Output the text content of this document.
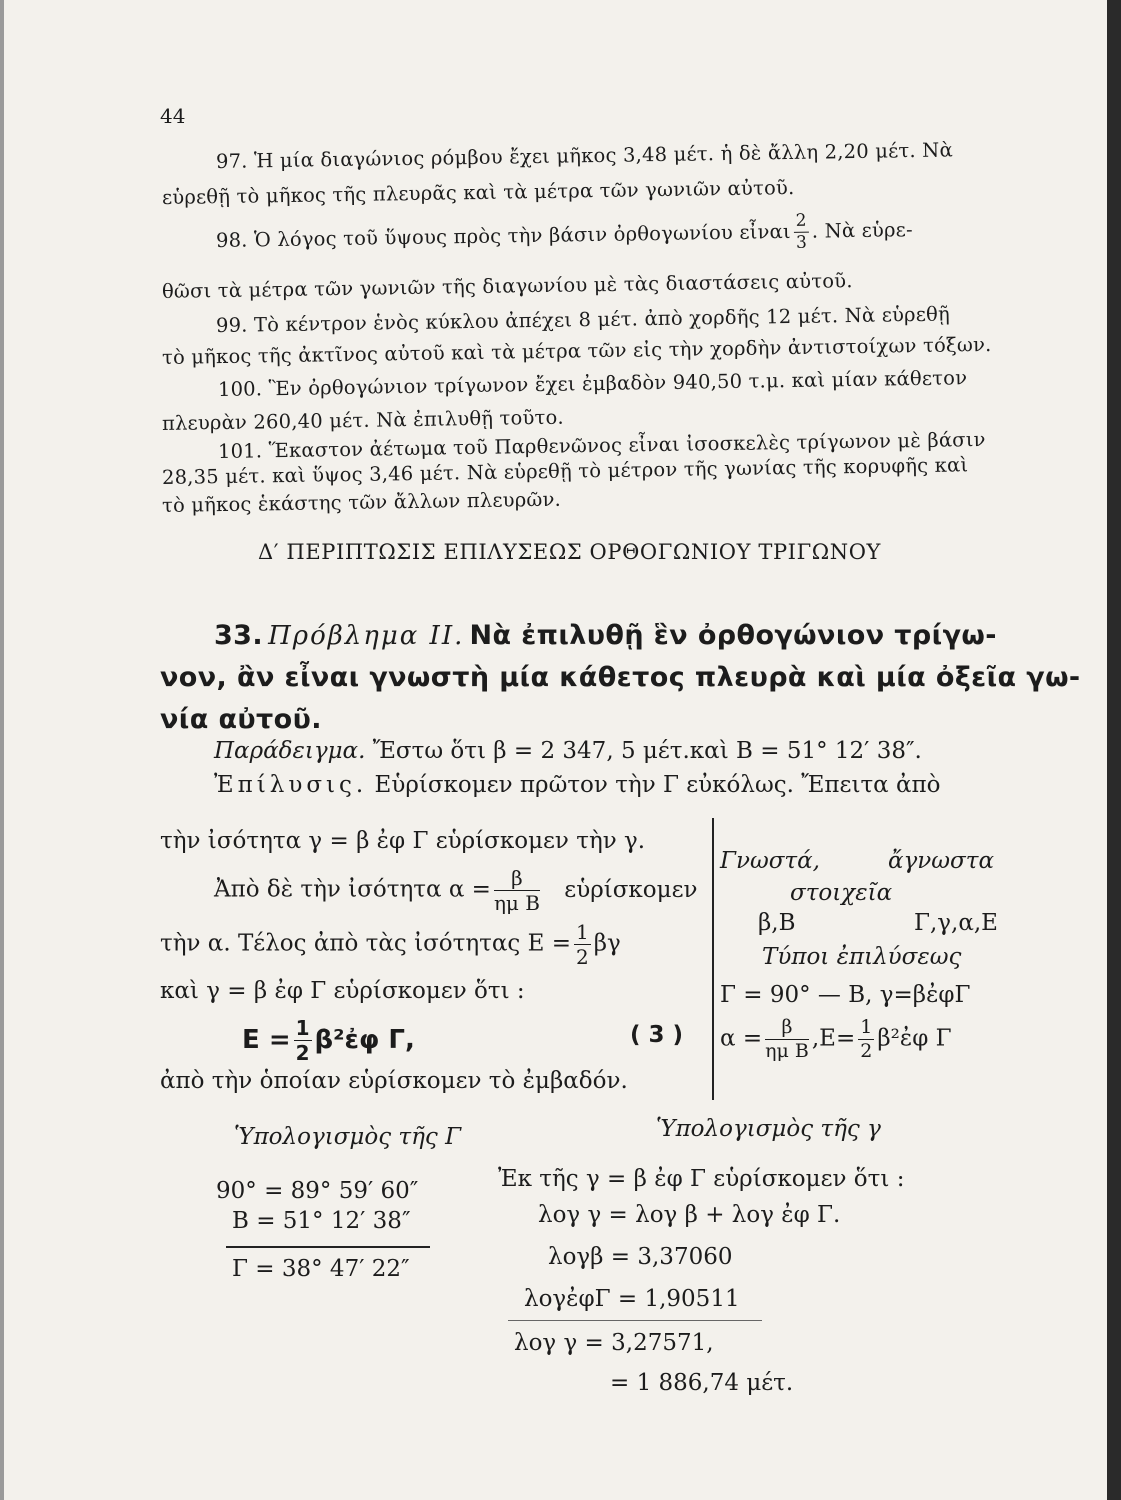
44
97. Ἡ μία διαγώνιος ρόμβου ἔχει μῆκος 3,48 μέτ. ἡ δὲ ἄλλη 2,20 μέτ. Νὰ
εὑρεθῇ τὸ μῆκος τῆς πλευρᾶς καὶ τὰ μέτρα τῶν γωνιῶν αὐτοῦ.
98. Ὁ λόγος τοῦ ὕψους πρὸς τὴν βάσιν ὀρθογωνίου εἶναι $\frac{2}{3}$ . Νὰ εὑρε-
θῶσι τὰ μέτρα τῶν γωνιῶν τῆς διαγωνίου μὲ τὰς διαστάσεις αὐτοῦ.
99. Τὸ κέντρον ἑνὸς κύκλου ἀπέχει 8 μέτ. ἀπὸ χορδῆς 12 μέτ. Νὰ εὑρεθῇ
τὸ μῆκος τῆς ἀκτῖνος αὐτοῦ καὶ τὰ μέτρα τῶν εἰς τὴν χορδὴν ἀντιστοίχων τόξων.
100. Ἓν ὀρθογώνιον τρίγωνον ἔχει ἐμβαδὸν 940,50 τ.μ. καὶ μίαν κάθετον
πλευρὰν 260,40 μέτ. Νὰ ἐπιλυθῇ τοῦτο.
101. Ἕκαστον ἀέτωμα τοῦ Παρθενῶνος εἶναι ἰσοσκελὲς τρίγωνον μὲ βάσιν
28,35 μέτ. καὶ ὕψος 3,46 μέτ. Νὰ εὑρεθῇ τὸ μέτρον τῆς γωνίας τῆς κορυφῆς καὶ
τὸ μῆκος ἑκάστης τῶν ἄλλων πλευρῶν.
Δ′ ΠΕΡΙΠΤΩΣΙΣ ΕΠΙΛΥΣΕΩΣ ΟΡΘΟΓΩΝΙΟΥ ΤΡΙΓΩΝΟΥ
33. Πρόβλημα II. Νὰ ἐπιλυθῇ ἓν ὀρθογώνιον τρίγω-
νον, ἂν εἶναι γνωστὴ μία κάθετος πλευρὰ καὶ μία ὀξεῖα γω-
νία αὐτοῦ.
Παράδειγμα. Ἔστω ὅτι β = 2 347, 5 μέτ.καὶ Β = 51° 12′ 38″.
Ἐπίλυσις. Εὑρίσκομεν πρῶτον τὴν Γ εὐκόλως. Ἔπειτα ἀπὸ
τὴν ἰσότητα γ = β ἐφ Γ εὑρίσκομεν τὴν γ.
Ἀπὸ δὲ τὴν ἰσότητα $\alpha = \frac{\beta}{\text{ημ Β}}$ εὑρίσκομεν
τὴν α. Τέλος ἀπὸ τὰς ἰσότητας $E = \frac{1}{2}$ βγ
καὶ γ = β ἐφ Γ εὑρίσκομεν ὅτι :
$E = \frac{1}{2}$ β²ἐφ Γ,	( 3 )
ἀπὸ τὴν ὁποίαν εὑρίσκομεν τὸ ἐμβαδόν.
Γνωστά,	ἄγνωστα
στοιχεῖα
β,Β	Γ,γ,α,Ε
Τύποι ἐπιλύσεως
Γ = 90° — Β, γ=βἐφΓ
$\alpha = \frac{\beta}{\text{ημ Β}} ,E= \frac{1}{2}$ β²ἐφ Γ
Ὑπολογισμὸς τῆς Γ
90° = 89° 59′ 60″
Β = 51° 12′ 38″
Γ = 38° 47′ 22″
Ὑπολογισμὸς τῆς γ
Ἐκ τῆς γ = β ἐφ Γ εὑρίσκομεν ὅτι :
λογ γ = λογ β + λογ ἐφ Γ.
λογβ = 3,37060
λογἐφΓ = 1,90511
λογ γ = 3,27571,
= 1 886,74 μέτ.
